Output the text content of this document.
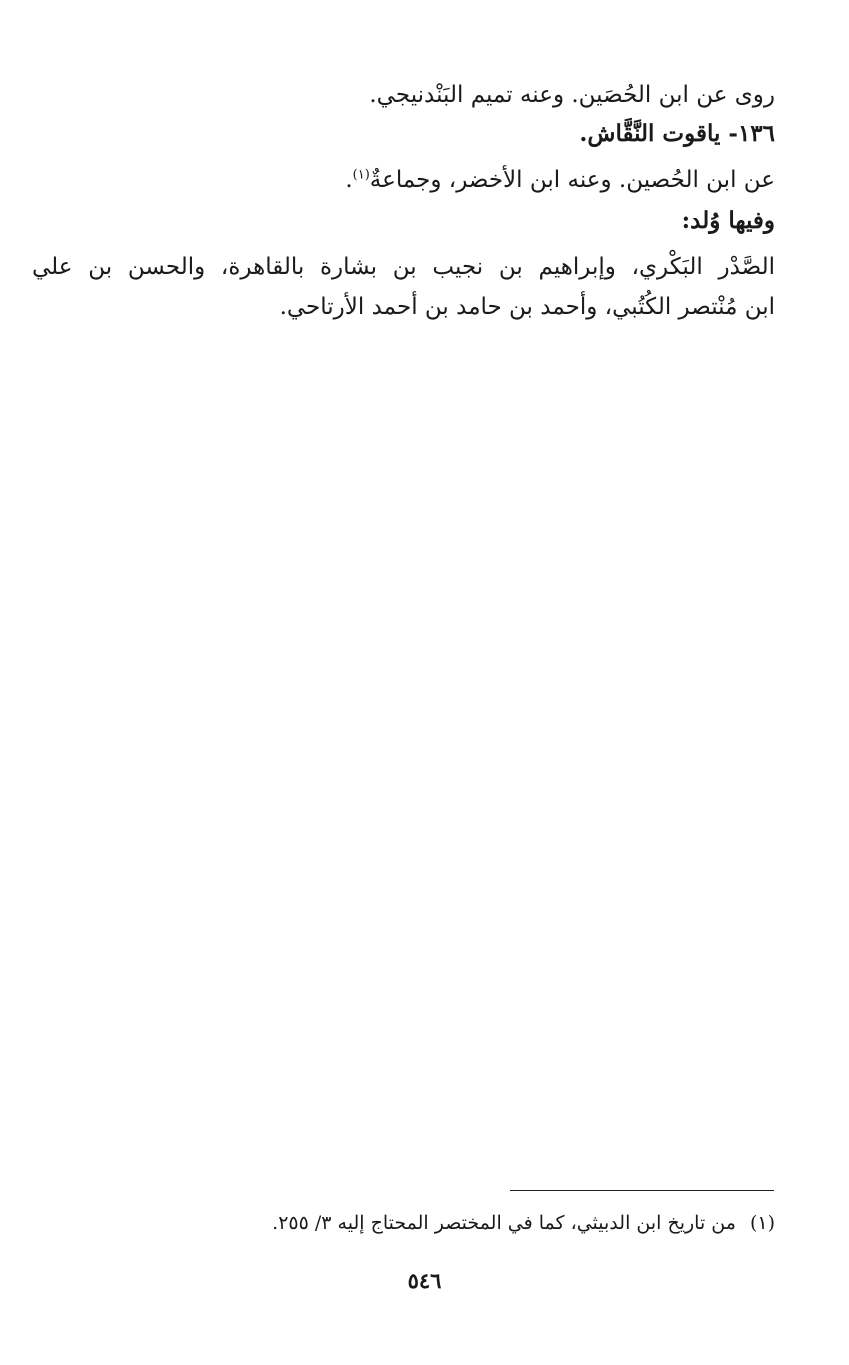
روى عن ابن الحُصَين. وعنه تميم البَنْدنيجي.
١٣٦- ياقوت النَّقَّاش.
عن ابن الحُصين. وعنه ابن الأخضر، وجماعةٌ$^{(١)}$.
وفيها وُلد:
الصَّدْر البَكْري، وإبراهيم بن نجيب بن بشارة بالقاهرة، والحسن بن علي
ابن مُنْتصر الكُتُبي، وأحمد بن حامد بن أحمد الأرتاحي.
(١)من تاريخ ابن الدبيثي، كما في المختصر المحتاج إليه ٣/ ٢٥٥.
٥٤٦
